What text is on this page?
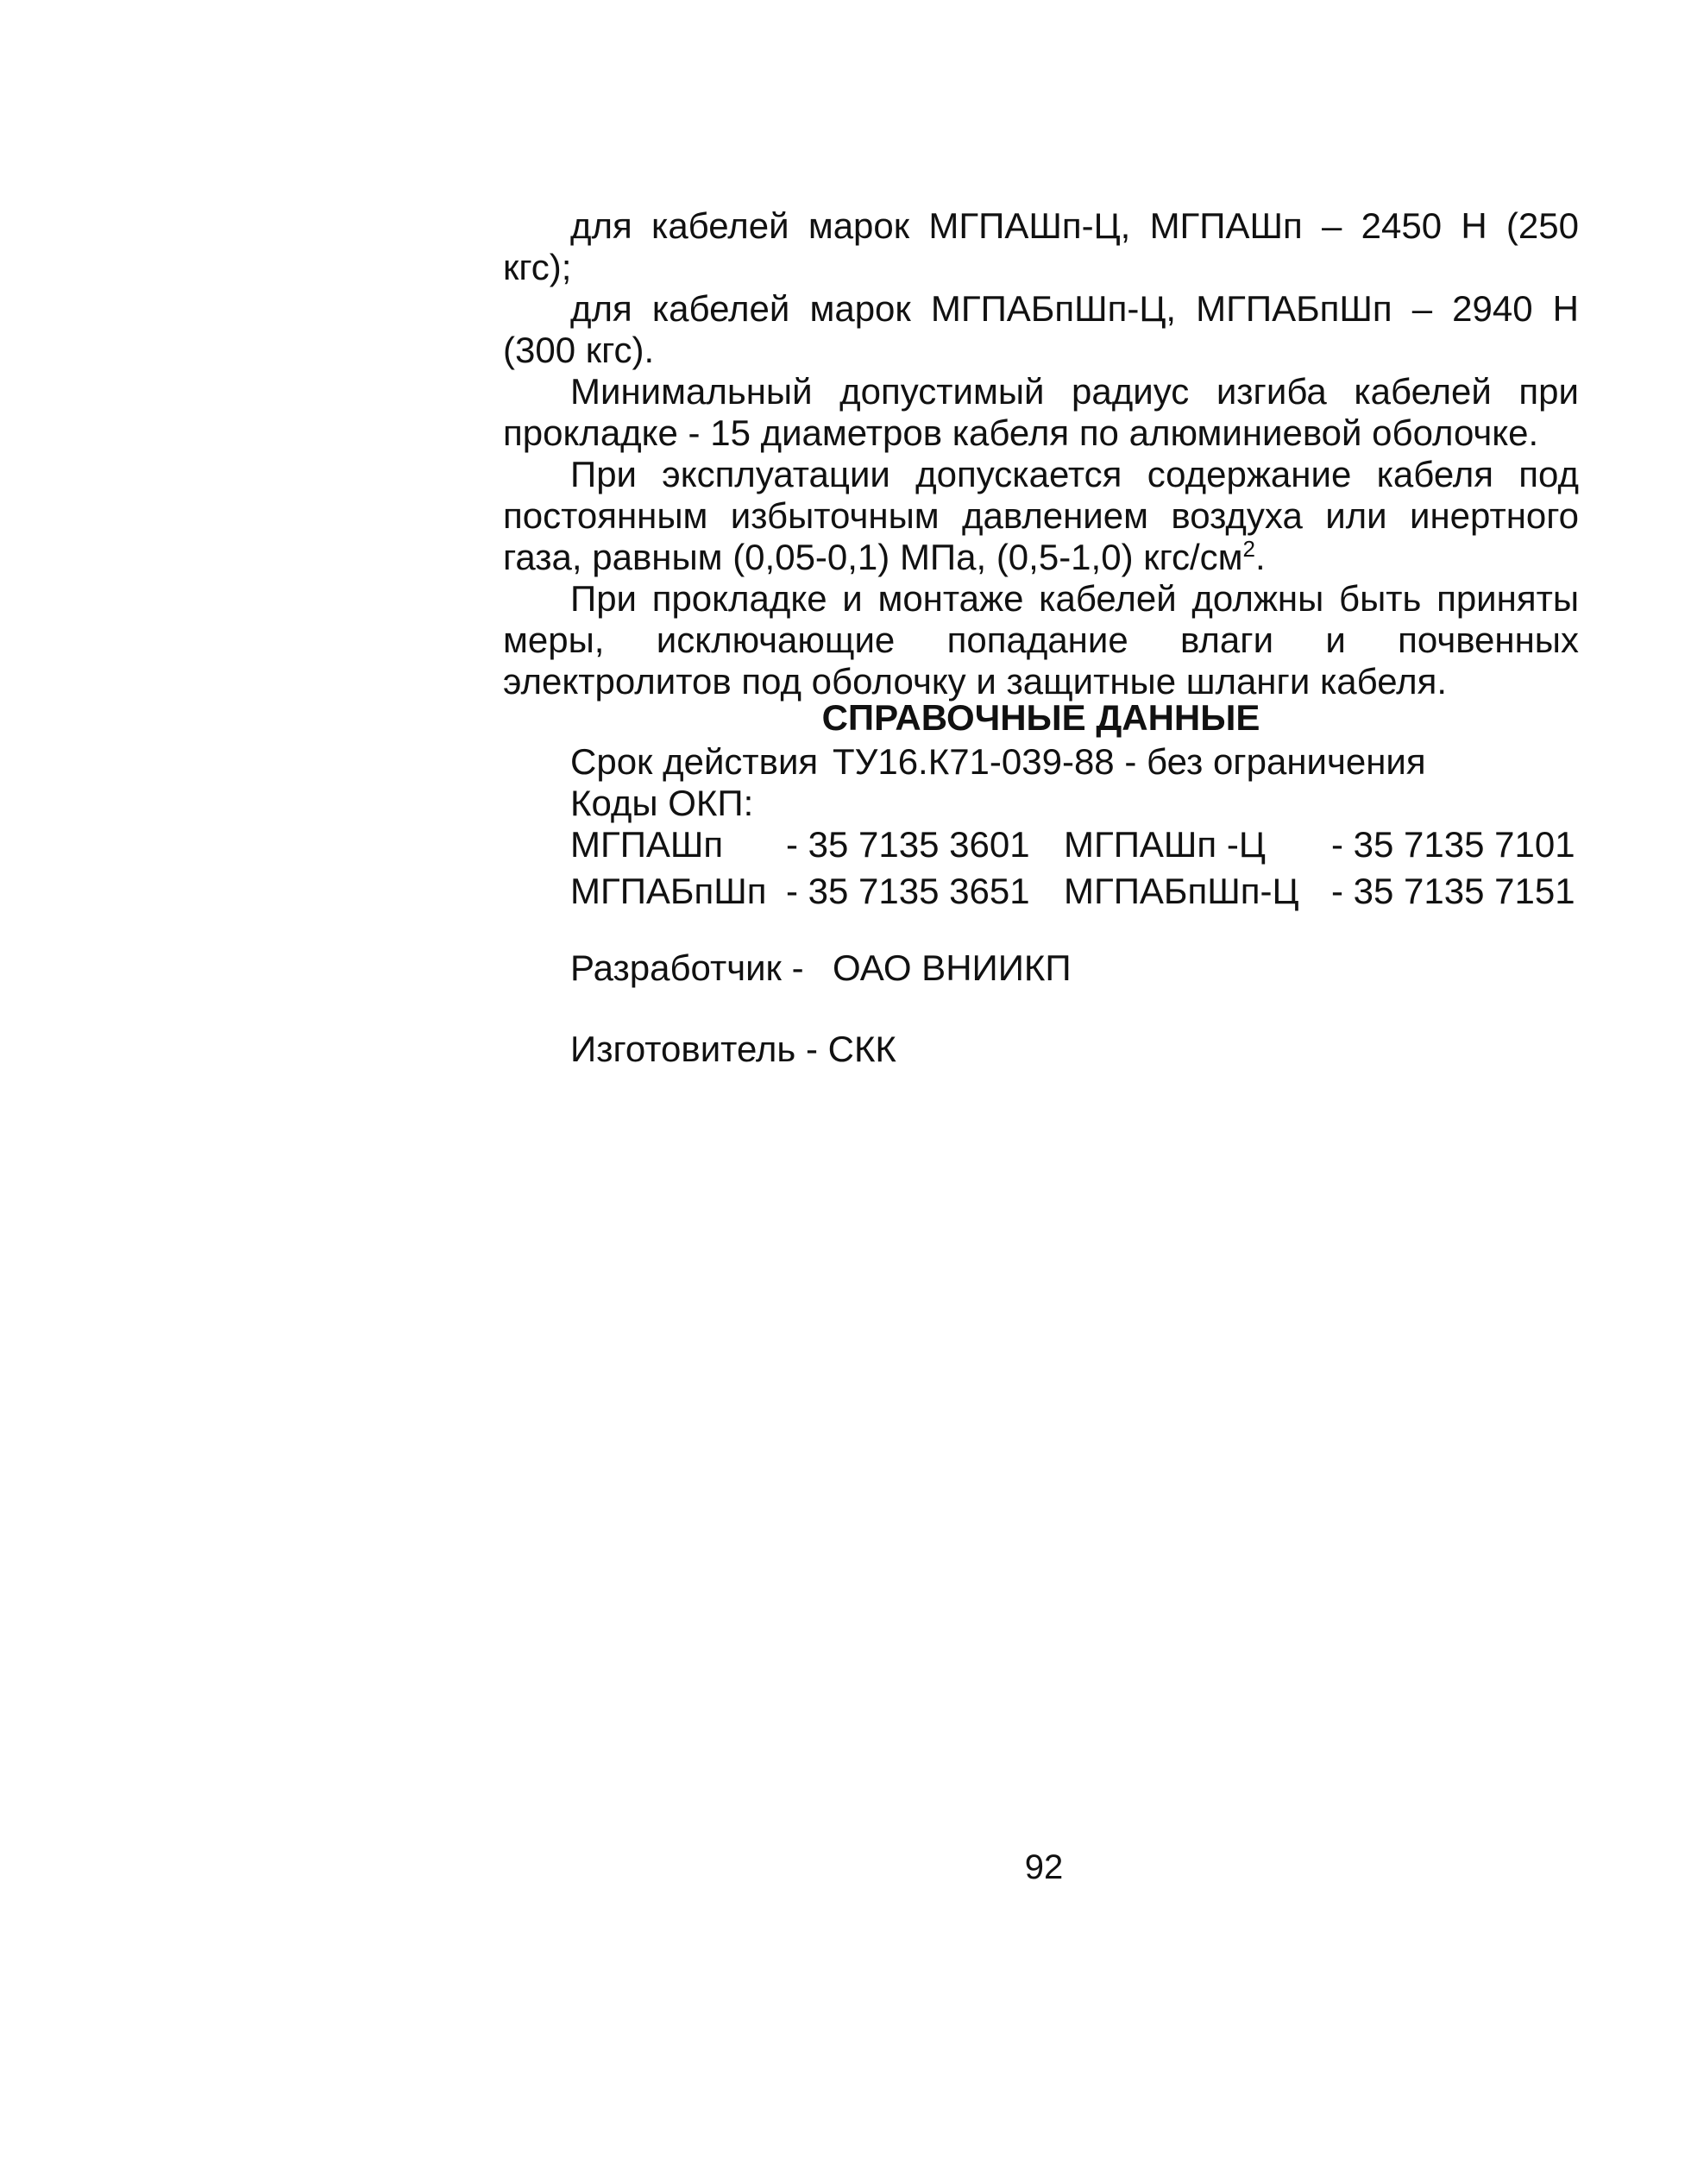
для кабелей марок МГПАШп-Ц, МГПАШп – 2450 Н (250 кгс);

для кабелей марок МГПАБпШп-Ц, МГПАБпШп – 2940 Н (300 кгс).

Минимальный допустимый радиус изгиба кабелей при прокладке - 15 диаметров кабеля по алюминиевой оболочке.

При эксплуатации допускается содержание кабеля под постоянным избыточным давлением воздуха или инертного газа, равным (0,05-0,1) МПа, (0,5-1,0) кгс/$см^2$.

При прокладке и монтаже кабелей должны быть приняты меры, исключающие попадание влаги и почвенных электролитов под оболочку и защитные шланги кабеля.

СПРАВОЧНЫЕ ДАННЫЕ
Срок действия ТУ16.К71-039-88 - без ограничения
Коды ОКП:
МГПАШп	- 35 7135 3601 МГПАШп -Ц	- 35 7135 7101
МГПАБпШп - 35 7135 3651 МГПАБпШп-Ц - 35 7135 7151
Разработчик - ОАО ВНИИКП
Изготовитель - СКК
92
